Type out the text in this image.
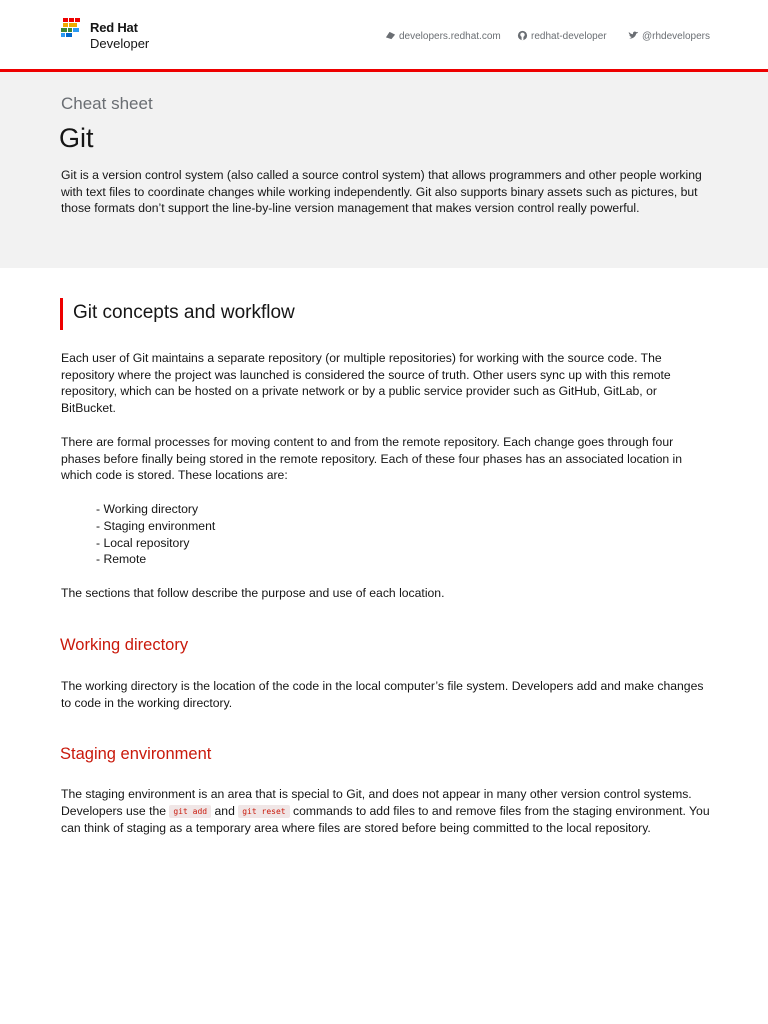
Red Hat
Developer	developers.redhat.com	redhat-developer	@rhdevelopers
Cheat sheet
Git
Git is a version control system (also called a source control system) that allows programmers and other people working with text files to coordinate changes while working independently. Git also supports binary assets such as pictures, but those formats don’t support the line-by-line version management that makes version control really powerful.
Git concepts and workflow
Each user of Git maintains a separate repository (or multiple repositories) for working with the source code. The repository where the project was launched is considered the source of truth. Other users sync up with this remote repository, which can be hosted on a private network or by a public service provider such as GitHub, GitLab, or BitBucket.
There are formal processes for moving content to and from the remote repository. Each change goes through four phases before finally being stored in the remote repository. Each of these four phases has an associated location in which code is stored. These locations are:
- Working directory
- Staging environment
- Local repository
- Remote
The sections that follow describe the purpose and use of each location.
Working directory
The working directory is the location of the code in the local computer’s file system. Developers add and make changes to code in the working directory.
Staging environment
The staging environment is an area that is special to Git, and does not appear in many other version control systems. Developers use the git add and git reset commands to add files to and remove files from the staging environment. You can think of staging as a temporary area where files are stored before being committed to the local repository.
